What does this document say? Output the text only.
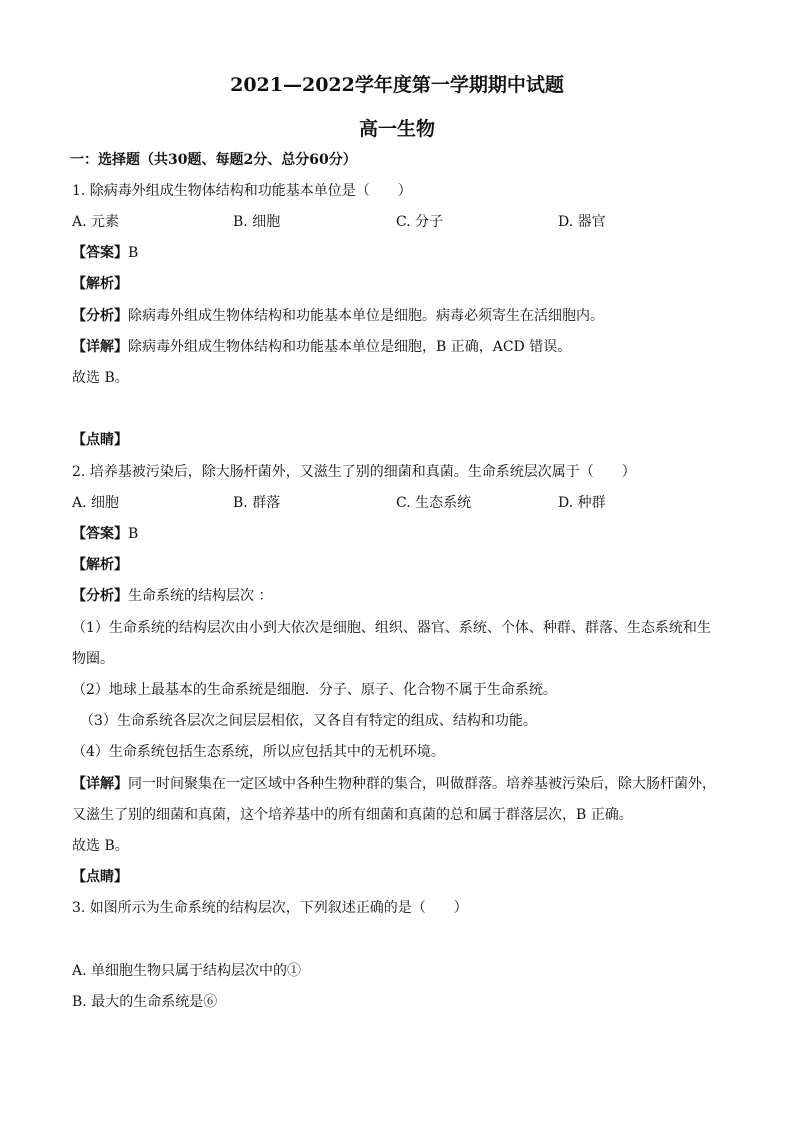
2021—2022学年度第一学期期中试题
高一生物
一：选择题（共30题、每题2分、总分60分）
1. 除病毒外组成生物体结构和功能基本单位是（　　）
A. 元素	B. 细胞	C. 分子	D. 器官
【答案】B
【解析】
【分析】除病毒外组成生物体结构和功能基本单位是细胞。病毒必须寄生在活细胞内。
【详解】除病毒外组成生物体结构和功能基本单位是细胞，B 正确，ACD 错误。
故选 B。
【点睛】
2. 培养基被污染后，除大肠杆菌外，又滋生了别的细菌和真菌。生命系统层次属于（　　）
A. 细胞	B. 群落	C. 生态系统	D. 种群
【答案】B
【解析】
【分析】生命系统的结构层次 ：
（1）生命系统的结构层次由小到大依次是细胞、组织、器官、系统、个体、种群、群落、生态系统和生
物圈。
（2）地球上最基本的生命系统是细胞．分子、原子、化合物不属于生命系统。
（3）生命系统各层次之间层层相依，又各自有特定的组成、结构和功能。
（4）生命系统包括生态系统，所以应包括其中的无机环境。
【详解】同一时间聚集在一定区域中各种生物种群的集合，叫做群落。培养基被污染后，除大肠杆菌外，
又滋生了别的细菌和真菌，这个培养基中的所有细菌和真菌的总和属于群落层次，B 正确。
故选 B。
【点睛】
3. 如图所示为生命系统的结构层次，下列叙述正确的是（　　）
A. 单细胞生物只属于结构层次中的①
B. 最大的生命系统是⑥
